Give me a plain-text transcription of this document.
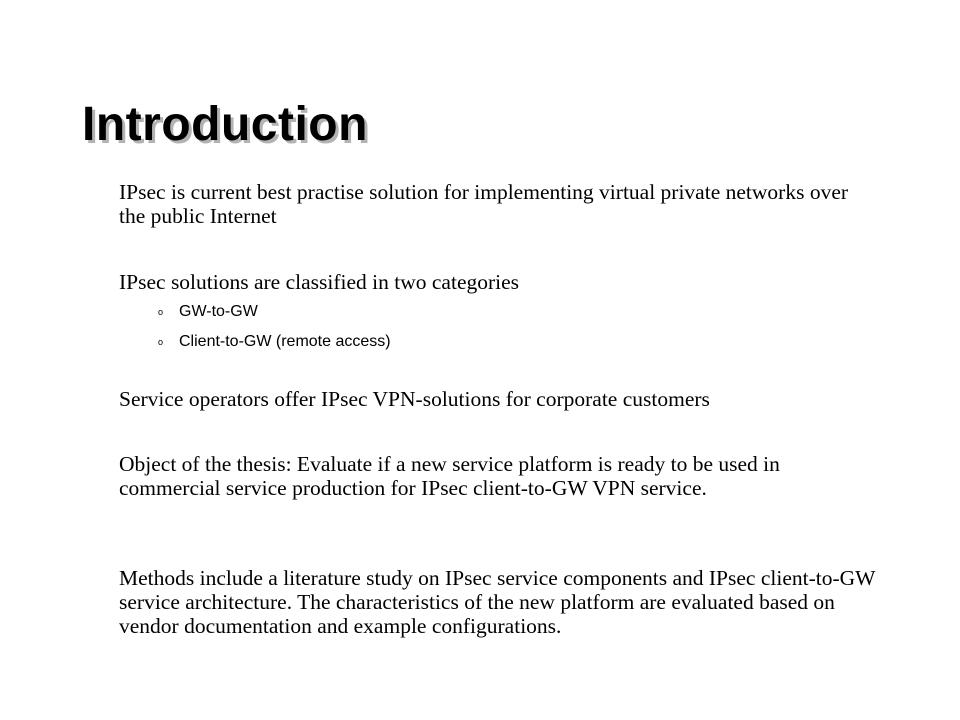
Introduction

IPsec is current best practise solution for implementing virtual private networks over the public Internet

IPsec solutions are classified in two categories

o GW-to-GW
o Client-to-GW (remote access)

Service operators offer IPsec VPN-solutions for corporate customers

Object of the thesis: Evaluate if a new service platform is ready to be used in commercial service production for IPsec client-to-GW VPN service.

Methods include a literature study on IPsec service components and IPsec client-to-GW service architecture. The characteristics of the new platform are evaluated based on vendor documentation and example configurations.
